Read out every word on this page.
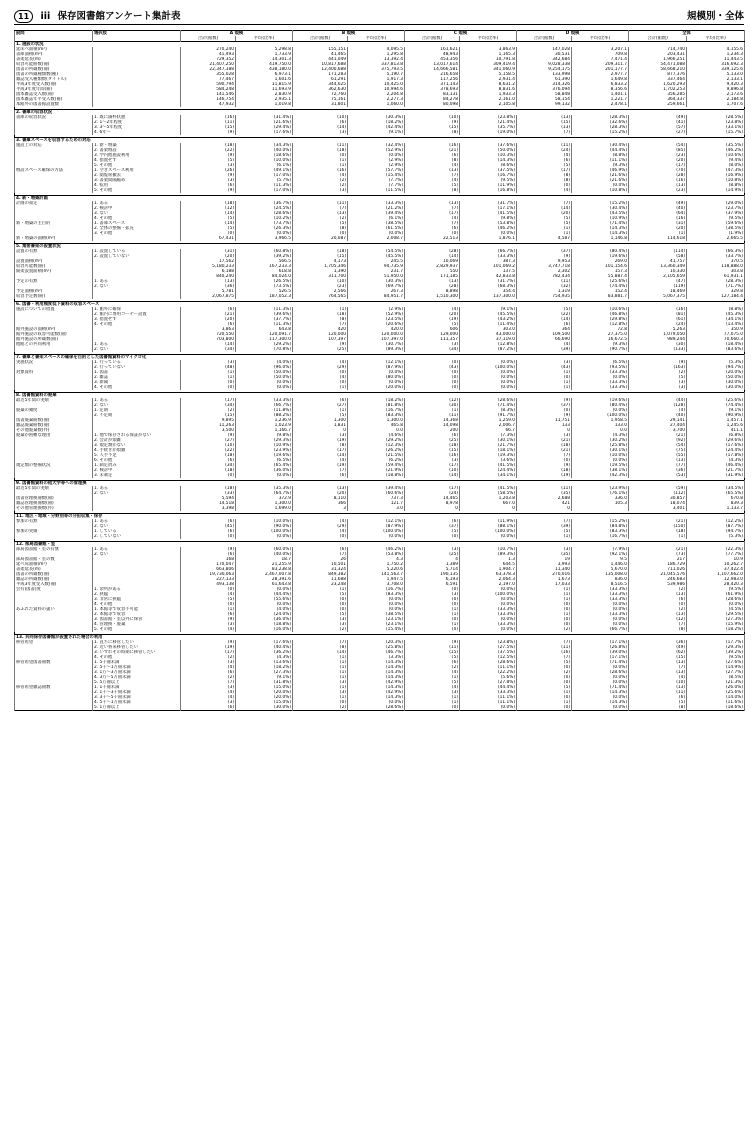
11 iii 保存図書館アンケート集計表	規模別・全体
設問	選択肢	A 規模		B 規模		C 規模		D 規模		全体	
		合計(館数)	平均(比率)	合計(館数)	平均(比率)	合計(館数)	平均(比率)	合計(館数)	平均(比率)	合計(館数)	平均(比率)
1. 施設の状況											
延床べ面積(m²)		270,240	5,298.8	155,151	4,095.5	161,621	3,863.9	147,028	3,207.1	714,740	4,155.6
書庫面積(m²)		41,493	1,733.9	41,465	1,295.8	48,943	1,165.3	30,531	709.8	203,431	1,234.3
書架延長(m)		729,352	14,301.3	441,049	13,392.4	453,356	10,791.8	342,684	7,471.4	1,966,251	11,443.5
収容可能冊数(冊)		21,407,250	419,750.0	10,817,688	337,813.8	13,017,614	309,419.4	9,028,338	209,311.7	54,471,088	316,692.3
図書の所蔵数(冊)		22,347,188	438,180.0	12,400,688	375,793.5	14,666,581	341,060.9	9,254,175	201,177.7	58,668,210	339,125.6
図書の所蔵種類数(種)		355,028	6,973.1	171,283	5,190.7	216,658	5,158.5	133,998	2,977.7	877,376	5,133.0
雑誌受入種類数(タイトル)		77,467	1,601.6	61,291	1,917.3	117,256	2,931.4	61,390	1,649.8	337,464	2,133.1
平成3年度受入数(冊)		590,794	11,815.9	344,025	10,425.0	371,143	8,631.2	314,326	6,833.2	1,620,293	9,420.3
平成3年度年間(冊)		584,248	11,693.9	362,630	10,994.6	378,693	8,831.6	376,094	8,356.6	1,702,253	9,896.8
図本雑誌受入数(冊)		141,546	2,830.9	72,760	2,204.8	83,131	1,933.3	58,848	1,401.1	356,285	2,173.6
図本雑誌年平受入数(冊)		146,754	2,935.1	75,161	2,277.3	84,278	2,161.0	58,154	1,221.7	364,337	2,184.8
本館外の図書館設置数		47,932	1,019.8	31,801	1,060.0	80,098	2,105.8	99,132	2,478.1	259,661	1,707.6

2. 書庫の収容状況											
書庫の収容状況	1. 既に満杯状態	(16)	(31.4%)	(10)	(30.3%)	(10)	(23.8%)	(13)	(28.3%)	(49)	(28.5%)
	2. 1～2年程度	(11)	(21.6%)	(6)	(18.2%)	(9)	(21.4%)	(15)	(32.6%)	(41)	(23.8%)
	3. 3～5年程度	(15)	(29.4%)	(14)	(42.4%)	(15)	(35.7%)	(13)	(28.3%)	(57)	(33.1%)
	4. 6年～	(9)	(17.6%)	(3)	(9.1%)	(8)	(19.0%)	(7)	(15.2%)	(27)	(15.7%)

3. 書庫スペースを収容するための対応											
施設上の対応	1. 新・増築	(18)	(34.3%)	(11)	(32.4%)	(16)	(37.6%)	(11)	(30.4%)	(54)	(35.5%)
	2. 書架増設	(22)	(40.0%)	(18)	(52.9%)	(21)	(50.0%)	(24)	(44.4%)	(85)	(46.2%)
	3. 学内他施設利用	(9)	(18.6%)	(0)	(0.0%)	(6)	(10.3%)	(4)	(8.8%)	(23)	(10.6%)
	4. 措置せず	(5)	(10.0%)	(1)	(2.9%)	(8)	(14.3%)	(6)	(11.1%)	(20)	(9.4%)
	5. その他	(3)	(6.1%)	(1)	(2.9%)	(4)	(8.6%)	(5)	(9.3%)	(17)	(8.0%)
増設スペース確保の方法	1. 空きスペース利用	(26)	(49.1%)	(16)	(57.7%)	(13)	(37.5%)	(17)	(46.9%)	(70)	(47.3%)
	2. 閲覧席撤去	(9)	(17.0%)	(4)	(15.4%)	(7)	(16.7%)	(8)	(21.6%)	(28)	(16.9%)
	3. 書架間隔縮め	(3)	(5.7%)	(2)	(7.7%)	(4)	(9.5%)	(8)	(21.6%)	(16)	(10.8%)
	4. 転用	(6)	(11.3%)	(2)	(7.7%)	(5)	(11.9%)	(0)	(0.0%)	(13)	(8.8%)
	5. その他	(9)	(17.0%)	(3)	(11.5%)	(8)	(16.8%)	(4)	(10.8%)	(23)	(14.9%)

4. 新・増築計画											
計画の策定	1. ある	(18)	(36.7%)	(11)	(33.3%)	(13)	(31.7%)	(7)	(15.2%)	(49)	(29.0%)
	2. 検討中	(12)	(24.5%)	(7)	(21.2%)	(7)	(17.1%)	(14)	(30.4%)	(40)	(23.7%)
	3. ない	(14)	(28.6%)	(13)	(39.4%)	(17)	(41.5%)	(20)	(43.5%)	(64)	(37.9%)
	4. その他	(5)	(10.2%)	(2)	(6.1%)	(4)	(9.8%)	(5)	(10.9%)	(16)	(9.5%)
新・増築の主目的	1. 書庫スペース	(14)	(73.7%)	(5)	(38.5%)	(7)	(53.8%)	(5)	(71.4%)	(31)	(59.6%)
	2. 全体の整備・拡充	(5)	(26.3%)	(8)	(61.5%)	(6)	(46.2%)	(1)	(14.3%)	(20)	(38.5%)
	3. その他	(0)	(0.0%)	(0)	(0.0%)	(0)	(0.0%)	(1)	(14.3%)	(1)	(1.9%)
新・増築の面積(m²)		67,431	3,966.5	20,087	2,008.7	22,513	1,876.1	4,587	1,146.8	114,618	2,665.5

5. 集密書架の設置状況											
設置の有無	1. 設置している	(31)	(60.8%)	(18)	(54.5%)	(28)	(66.7%)	(37)	(80.4%)	(114)	(66.3%)
	2. 設置していない	(20)	(39.2%)	(15)	(45.5%)	(14)	(33.3%)	(9)	(19.6%)	(58)	(33.7%)
設置面積(m²)		17,562	566.5	4,173	245.5	10,069	387.3	9,953	269.0	41,757	370.5
収容可能数(冊)		5,180,233	167,233.3	1,705,346	94,735.9	2,829,937	101,069.2	3,747,718	101,154.6	13,360,349	118,888.0
開架設置面積(m²)		6,188	618.8	1,390	231.7	550	137.5	2,302	157.3	10,330	303.8
		840,240	84,024.0	311,700	51,950.0	171,185	42,833.8	782,434	55,887.4	2,105,659	61,931.1
予定の有無	1. ある	(13)	(26.5%)	(10)	(30.3%)	(13)	(31.7%)	(11)	(25.6%)	(47)	(28.3%)
	2. ない	(36)	(73.5%)	(23)	(69.7%)	(28)	(68.3%)	(32)	(74.4%)	(119)	(71.7%)
予定面積(m²)		5,781	526.5	2,566	267.3	8,898	354.4	1,319	152.4	18,469	329.8
収容予定数(冊)		2,067,875	187,052.3	764,565	84,951.7	1,510,300	137,300.0	754,935	83,881.7	5,067,375	127,184.4

6. 図書・利用頻度低下資料の収容スペース											
施設についての措置	1. 館外に確保	(6)	(11.3%)	(1)	(2.9%)	(4)	(9.1%)	(5)	(10.6%)	(16)	(8.8%)
	2. 館内に専用コーナー設置	(21)	(39.6%)	(18)	(52.9%)	(20)	(45.5%)	(22)	(46.8%)	(81)	(45.3%)
	3. 措置せず	(20)	(37.7%)	(8)	(23.5%)	(19)	(43.2%)	(14)	(29.8%)	(61)	(34.1%)
	4. その他	(6)	(11.3%)	(7)	(20.6%)	(5)	(11.4%)	(6)	(12.8%)	(24)	(13.4%)
館外施設の面積(m²)		3,863	643.8	420	420.0	606	303.0	364	72.8	5,263	350.9
館外施設の収容可能数(冊)		720,550	120,091.7	120,000	120,000.0	129,000	43,000.0	109,500	27,375.0	1,079,050	77,075.0
館外施設の所蔵数(冊)		703,800	117,300.0	107,397	107,397.0	111,357	37,119.0	66,690	16,672.5	989,244	70,660.3
他館との共同利用	1. ある	(14)	(29.2%)	(9)	(30.7%)	(3)	(12.8%)	(4)	(9.3%)	(30)	(18.4%)
	2. ない	(34)	(70.8%)	(25)	(89.3%)	(34)	(87.2%)	(39)	(90.7%)	(133)	(83.6%)

7. 書庫と書架スペースの確保を目的とした図書館資料のマイクロ化											
実施状況	1. 行っている	(3)	(4.0%)	(4)	(12.1%)	(0)	(0.0%)	(3)	(6.5%)	(9)	(5.3%)
	2. 行っていない	(48)	(96.0%)	(29)	(87.9%)	(43)	(100.0%)	(43)	(93.5%)	(163)	(94.7%)
対象資料	1. 図書	(1)	(50.0%)	(0)	(0.0%)	(0)	(0.0%)	(1)	(33.3%)	(2)	(20.0%)
	2. 雑誌	(1)	(50.0%)	(4)	(80.0%)	(0)	(0.0%)	(0)	(0.0%)	(5)	(50.0%)
	3. 新聞	(0)	(0.0%)	(0)	(0.0%)	(0)	(0.0%)	(1)	(33.3%)	(3)	(30.0%)
	4. その他	(0)	(0.0%)	(1)	(20.0%)	(0)	(0.0%)	(1)	(33.3%)	(3)	(30.0%)

8. 図書館資料の廃棄											
最近5年間の実績	1. ある	(17)	(33.3%)	(6)	(18.2%)	(12)	(28.6%)	(9)	(19.6%)	(44)	(25.6%)
	2. ない	(34)	(66.7%)	(27)	(81.8%)	(30)	(71.4%)	(37)	(80.4%)	(128)	(74.4%)
廃棄の頻度	1. 定期	(2)	(11.8%)	(1)	(16.7%)	(1)	(8.3%)	(0)	(0.0%)	(4)	(9.1%)
	2. 不定期	(15)	(88.2%)	(5)	(83.3%)	(11)	(91.7%)	(9)	(100.0%)	(40)	(90.9%)
図書廃棄冊数(冊)		9,895	1,236.9	1,300	1,300.0	14,368	1,259.0	11,751	1,958.5	29,141	1,457.1
雑誌廃棄冊数(冊)		11,263	1,023.9	1,831	465.8	14,098	2,006.7	133	133.0	27,404	1,245.6
その他廃棄数(件)		3,500	1,166.7	0	0.0	200	66.7	0	0.0	3,700	411.1
廃棄が困難な理由	1. 他で保存される保証がない	(9)	(9.8%)	(3)	(4.6%)	(6)	(7.3%)	(3)	(4.3%)	(21)	(6.8%)
	2. 会計が煩雑	(27)	(29.3%)	(19)	(29.2%)	(25)	(30.1%)	(21)	(30.2%)	(92)	(29.6%)
	3. 規定類がない	(10)	(10.9%)	(8)	(12.3%)	(18)	(21.7%)	(18)	(25.8%)	(54)	(17.6%)
	4. 手続きが煩雑	(22)	(23.9%)	(17)	(26.2%)	(15)	(18.1%)	(21)	(30.1%)	(75)	(24.4%)
	5. 人手不足	(18)	(19.6%)	(14)	(21.5%)	(16)	(19.3%)	(7)	(10.0%)	(55)	(17.8%)
	6. その他	(6)	(6.5%)	(4)	(6.2%)	(3)	(3.6%)	(0)	(0.0%)	(13)	(4.3%)
規定類の整備状況	1. 制定済み	(34)	(65.4%)	(19)	(59.4%)	(17)	(41.5%)	(9)	(19.5%)	(77)	(46.4%)
	2. 検討中	(18)	(36.0%)	(7)	(21.9%)	(10)	(24.4%)	(18)	(38.1%)	(36)	(21.7%)
	3. 未制定	(0)	(0.0%)	(6)	(18.8%)	(14)	(34.1%)	(19)	(42.3%)	(53)	(31.9%)

9. 図書館資料の他大学等への管理換											
最近5年間の実績	1. ある	(18)	(35.3%)	(13)	(39.4%)	(17)	(41.5%)	(11)	(23.9%)	(59)	(34.5%)
	2. ない	(33)	(64.7%)	(20)	(60.6%)	(24)	(58.5%)	(35)	(76.1%)	(112)	(65.5%)
図書管理換冊数(冊)		5,594	372.9	8,110	737.3	14,465	1,203.8	2,688	336.0	30,857	670.8
雑誌管理換冊数(冊)		14,518	1,300.0	366	121.7	8,978	667.0	421	105.3	18,074	839.3
その他管理換数(件)		3,398	1,699.0	3	3.0	0	0	0		3,401	1,133.7

11. 地区・地域・分野別等の分担収集・保存											
参加の有無	1. ある	(6)	(10.0%)	(4)	(12.1%)	(6)	(11.9%)	(7)	(15.2%)	(21)	(12.2%)
	2. ない	(45)	(90.0%)	(29)	(87.9%)	(37)	(88.1%)	(39)	(84.8%)	(150)	(87.7%)
参加の実績	1. している	(6)	(100.0%)	(4)	(100.0%)	(5)	(100.0%)	(5)	(83.3%)	(18)	(94.7%)
	2. していない	(0)	(0.0%)	(0)	(0.0%)	(0)	(0.0%)	(1)	(16.7%)	(1)	(5.3%)

12. 部局図書館・室											
部局図書館・室の有無	1. ある	(9)	(60.0%)	(6)	(46.2%)	(3)	(10.7%)	(3)	(7.9%)	(21)	(22.3%)
	2. ない	(6)	(40.0%)	(7)	(53.8%)	(25)	(89.3%)	(35)	(92.1%)	(73)	(77.7%)
部局図書館・室の数		168	18.7	26	4.3	4	1.3	19	9.5	217	10.9
延べ床面積(m²)		170,047	21,255.9	10,501	1,750.2	1,389	644.5	3,993	1,446.0	186,729	10,262.7
書架延長(m)		663,806	83,238.8	31,324	5,220.6	5,714	1,904.7	11,340	5,670.0	711,026	37,422.4
図書の所蔵数(冊)		19,730,063	2,467,007.8	849,382	141,563.7	190,135	63,378.3	270,016	135,008.0	21,045,576	1,107,662.0
雑誌の所蔵数(冊)		227,133	28,391.6	11,688	1,947.5	6,193	2,064.3	1,673	836.0	246,683	12,983.0
平成3年度受入数(冊)		493,138	61,643.8	23,248	3,708.0	6,591	2,197.0	17,033	8,516.5	539,986	28,420.3
会有(図書)度	1. 余所がある	(0)	(0.0%)	(1)	(16.7%)	(0)	(0.0%)	(1)	(33.3%)	(2)	(9.5%)
	2. 狭隘	(4)	(44.4%)	(5)	(83.3%)	(3)	(100.0%)	(1)	(33.3%)	(13)	(61.9%)
	3. 非常に狭隘	(5)	(55.6%)	(0)	(0.0%)	(0)	(0.0%)	(1)	(33.3%)	(6)	(28.6%)
	4. その他	(0)	(0.0%)	(0)	(0.0%)	(0)	(0.0%)	(0)	(0.0%)	(0)	(0.0%)
あふれた資料の扱い	1. 本館等で収容不可能	(1)	(4.0%)	(0)	(0.0%)	(1)	(33.3%)	(0)	(0.0%)	(2)	(4.5%)
	2. 本館等で収容	(6)	(24.0%)	(5)	(38.5%)	(1)	(33.3%)	(1)	(33.3%)	(13)	(29.5%)
	3. 図書館・室以外に保管	(9)	(36.0%)	(3)	(23.1%)	(0)	(0.0%)	(0)	(0.0%)	(12)	(27.3%)
	4. 管理換・廃棄	(3)	(18.8%)	(3)	(23.1%)	(1)	(33.3%)	(0)	(0.0%)	(7)	(15.9%)
	5. その他	(4)	(16.0%)	(2)	(15.4%)	(0)	(0.0%)	(2)	(66.7%)	(8)	(18.2%)

13. 共同保存図書館が設置された場合の利用											
移管希望	1. 直ちに移管したい	(9)	(17.6%)	(7)	(20.3%)	(9)	(23.8%)	(7)	(17.1%)	(36)	(17.7%)
	2. 近い将来移管したい	(19)	(40.4%)	(8)	(25.8%)	(11)	(27.5%)	(11)	(26.8%)	(49)	(29.3%)
	3. いずれその時期に移管したい	(17)	(36.2%)	(14)	(46.7%)	(15)	(37.5%)	(16)	(39.0%)	(62)	(39.2%)
	4. その他	(2)	(4.3%)	(1)	(3.3%)	(5)	(12.5%)	(7)	(17.1%)	(15)	(9.5%)
移管希望図書冊数	1. 5千冊未満	(3)	(13.6%)	(1)	(14.3%)	(6)	(28.6%)	(5)	(71.4%)	(13)	(27.6%)
	2. 5千～1万冊未満	(4)	(18.2%)	(1)	(14.3%)	(2)	(11.1%)	(0)	(0.0%)	(7)	(14.9%)
	3. 1万～3万冊未満	(6)	(27.3%)	(1)	(14.3%)	(4)	(22.2%)	(2)	(28.6%)	(13)	(27.7%)
	4. 3万～5万冊未満	(2)	(9.1%)	(1)	(14.3%)	(1)	(5.6%)	(0)	(0.0%)	(4)	(8.5%)
	5. 5万冊以上	(7)	(31.8%)	(3)	(42.9%)	(5)	(27.8%)	(0)	(0.0%)	(10)	(21.3%)
移管希望雑誌冊数	1. 1千冊未満	(3)	(15.0%)	(1)	(14.3%)	(4)	(44.4%)	(5)	(71.4%)	(13)	(26.0%)
	2. 1千～3千冊未満	(4)	(20.0%)	(3)	(42.9%)	(3)	(33.3%)	(1)	(14.3%)	(11)	(25.6%)
	3. 3千～5千冊未満	(4)	(20.0%)	(1)	(14.3%)	(1)	(11.1%)	(0)	(0.0%)	(6)	(14.0%)
	4. 5千～1万冊未満	(3)	(15.0%)	(0)	(0.0%)	(1)	(11.1%)	(1)	(14.3%)	(5)	(11.6%)
	5. 1万冊以上	(6)	(30.0%)	(2)	(28.6%)	(0)	(0.0%)	(0)	(0.0%)	(8)	(18.6%)
